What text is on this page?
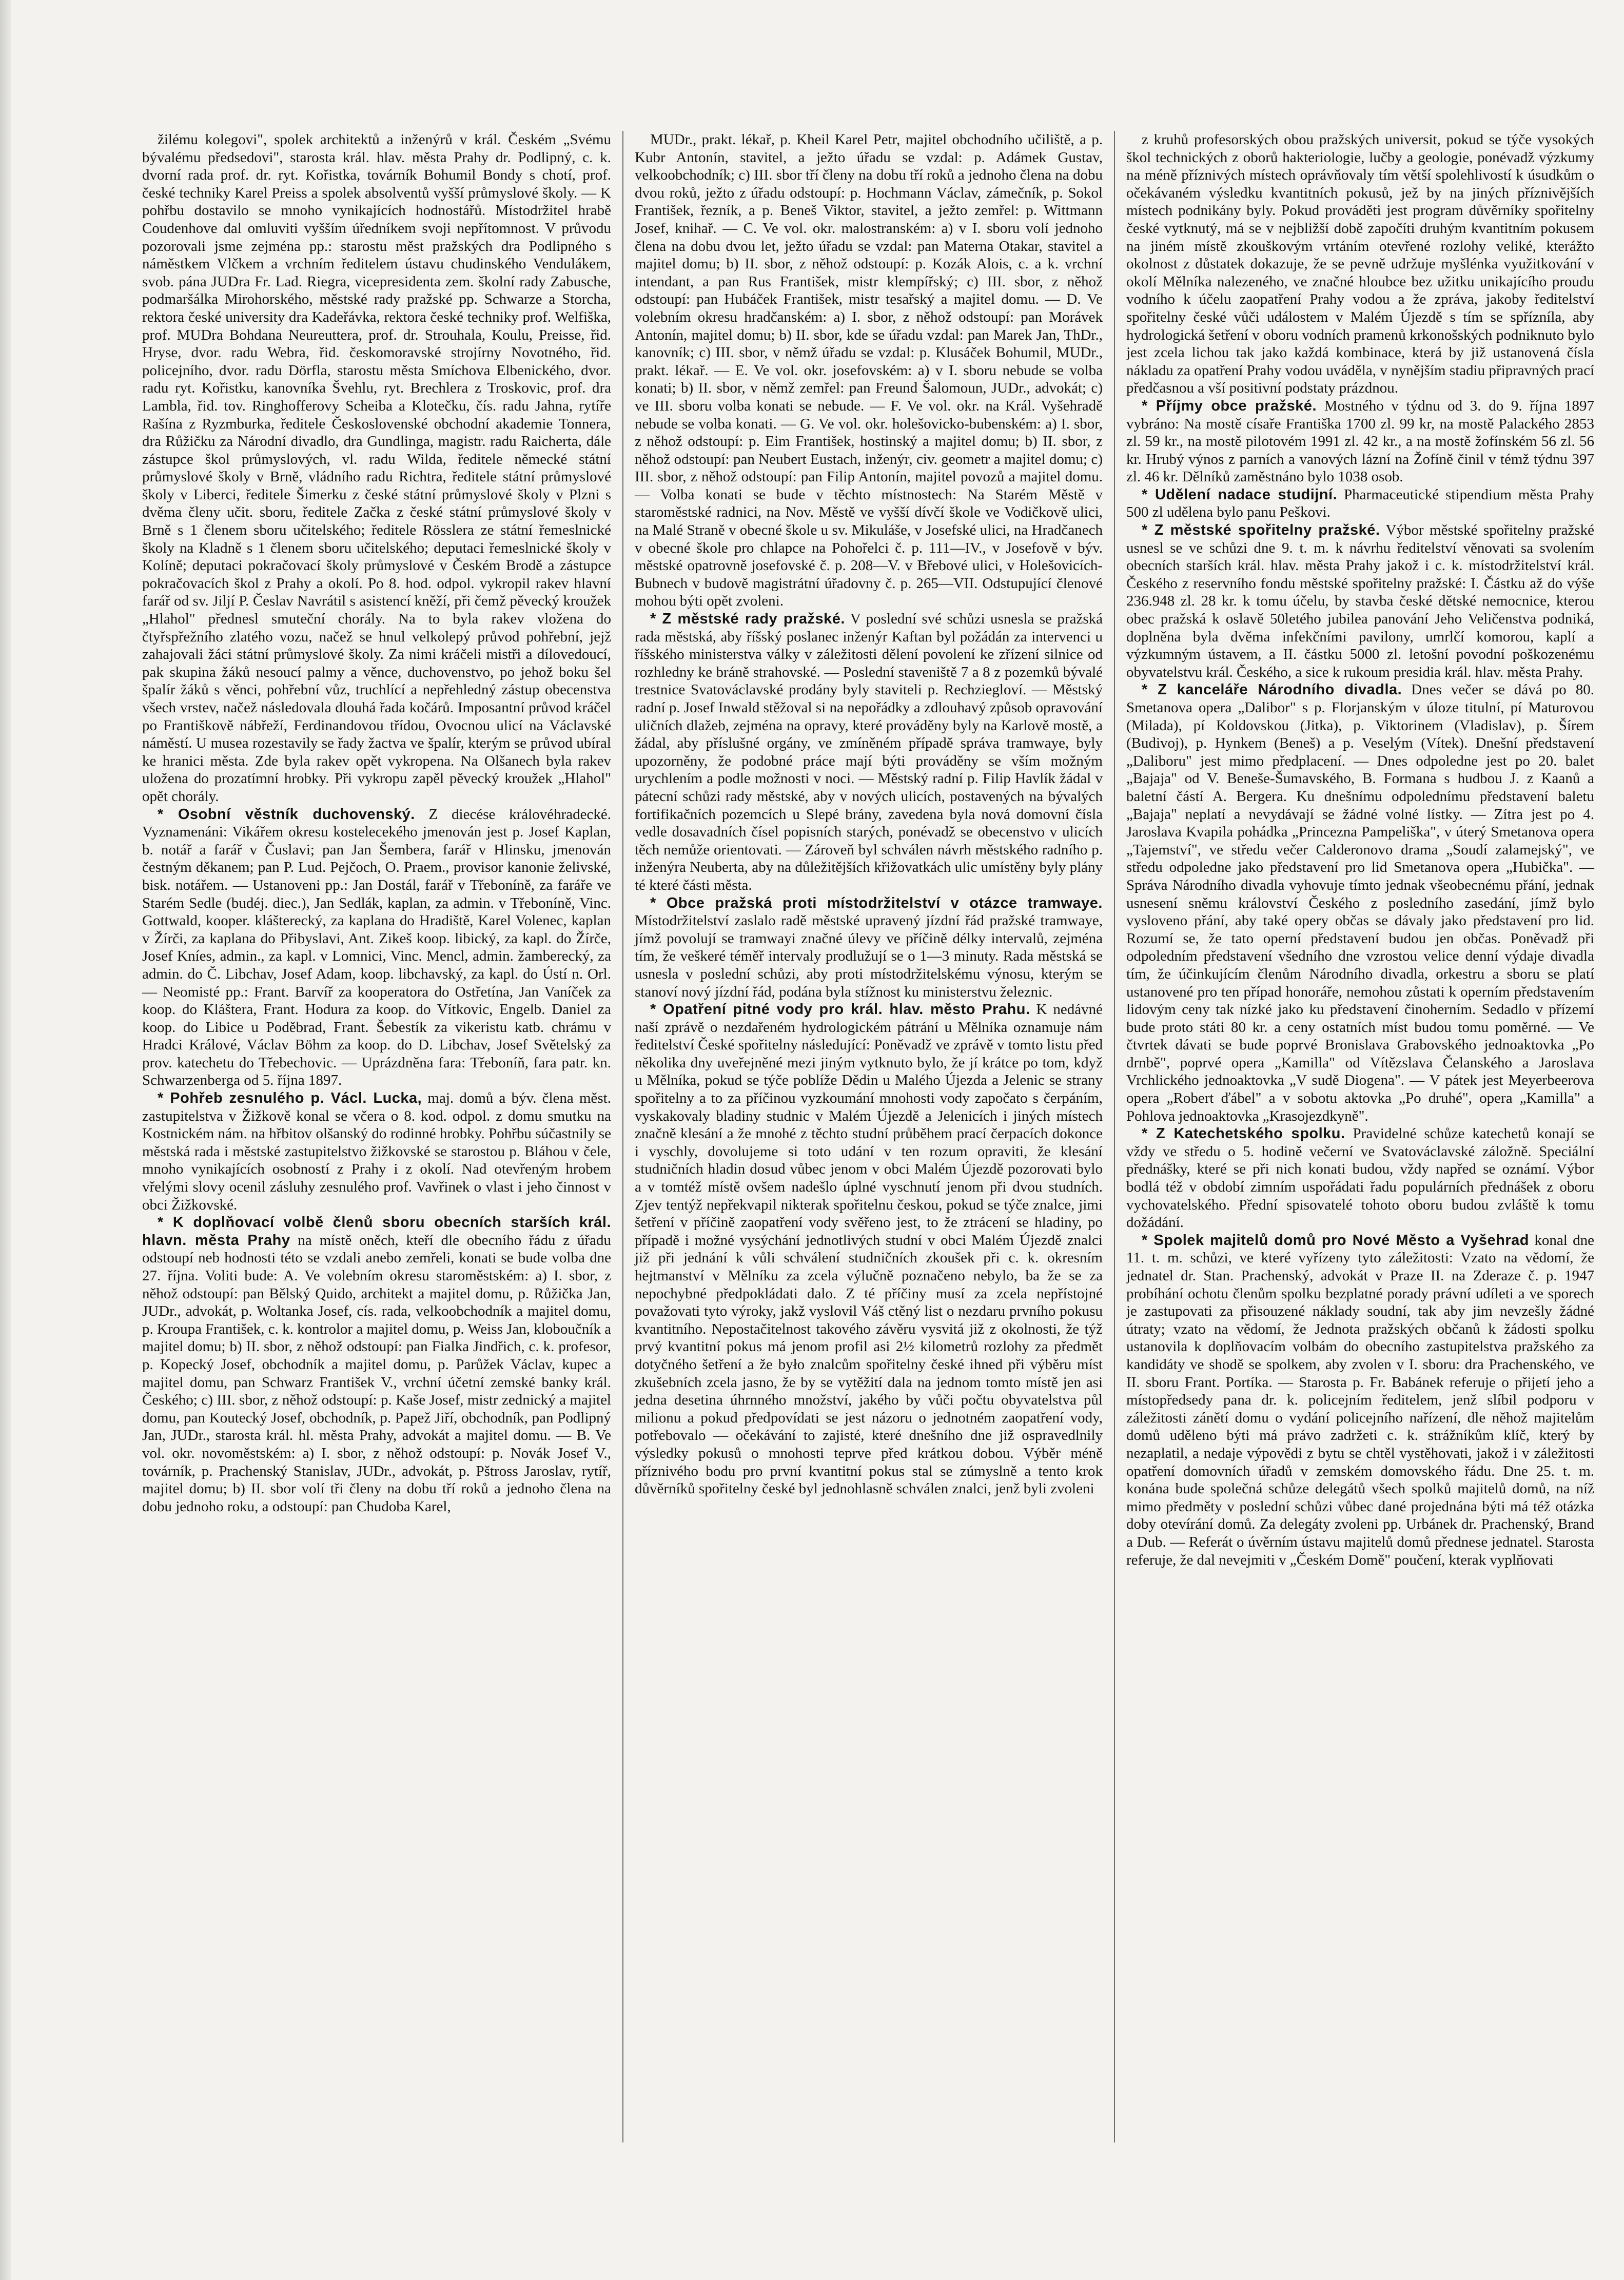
žilému kolegovi", spolek architektů a inženýrů v král. Českém „Svému bývalému předsedovi", starosta král. hlav. města Prahy dr. Podlipný, c. k. dvorní rada prof. dr. ryt. Kořistka, továrník Bohumil Bondy s chotí, prof. české techniky Karel Preiss a spolek absolventů vyšší průmyslové školy. — K pohřbu dostavilo se mnoho vynikajících hodnostářů. Místodržitel hrabě Coudenhove dal omluviti vyšším úředníkem svoji nepřítomnost. V průvodu pozorovali jsme zejména pp.: starostu měst pražských dra Podlipného s náměstkem Vlčkem a vrchním ředitelem ústavu chudinského Vendulákem, svob. pána JUDra Fr. Lad. Riegra, vicepresidenta zem. školní rady Zabusche, podmaršálka Mirohorského, městské rady pražské pp. Schwarze a Storcha, rektora české university dra Kadeřávka, rektora české techniky prof. Welfiška, prof. MUDra Bohdana Neureuttera, prof. dr. Strouhala, Koulu, Preisse, řid. Hryse, dvor. radu Webra, řid. českomoravské strojírny Novotného, řid. policejního, dvor. radu Dörfla, starostu města Smíchova Elbenického, dvor. radu ryt. Kořistku, kanovníka Švehlu, ryt. Brechlera z Troskovic, prof. dra Lambla, řid. tov. Ringhofferovy Scheiba a Klotečku, čís. radu Jahna, rytíře Rašína z Ryzmburka, ředitele Československé obchodní akademie Tonnera, dra Růžičku za Národní divadlo, dra Gundlinga, magistr. radu Raicherta, dále zástupce škol průmyslových, vl. radu Wilda, ředitele německé státní průmyslové školy v Brně, vládního radu Richtra, ředitele státní průmyslové školy v Liberci, ředitele Šimerku z české státní průmyslové školy v Plzni s dvěma členy učit. sboru, ředitele Začka z české státní průmyslové školy v Brně s 1 členem sboru učitelského; ředitele Rösslera ze státní řemeslnické školy na Kladně s 1 členem sboru učitelského; deputaci řemeslnické školy v Kolíně; deputaci pokračovací školy průmyslové v Českém Brodě a zástupce pokračovacích škol z Prahy a okolí. Po 8. hod. odpol. vykropil rakev hlavní farář od sv. Jiljí P. Česlav Navrátil s asistencí kněží, při čemž pěvecký kroužek „Hlahol" přednesl smuteční chorály. Na to byla rakev vložena do čtyřspřežního zlatého vozu, načež se hnul velkolepý průvod pohřební, jejž zahajovali žáci státní průmyslové školy. Za nimi kráčeli mistři a dílovedoucí, pak skupina žáků nesoucí palmy a věnce, duchovenstvo, po jehož boku šel špalír žáků s věnci, pohřební vůz, truchlící a nepřehledný zástup obecenstva všech vrstev, načež následovala dlouhá řada kočárů. Imposantní průvod kráčel po Františkově nábřeží, Ferdinandovou třídou, Ovocnou ulicí na Václavské náměstí. U musea rozestavily se řady žactva ve špalír, kterým se průvod ubíral ke hranici města. Zde byla rakev opět vykropena. Na Olšanech byla rakev uložena do prozatímní hrobky. Při vykropu zapěl pěvecký kroužek „Hlahol" opět chorály.

* Osobní věstník duchovenský. Z diecése královéhradecké. Vyznamenáni: Vikářem okresu kostelecekého jmenován jest p. Josef Kaplan, b. notář a farář v Čuslavi; pan Jan Šembera, farář v Hlinsku, jmenován čestným děkanem; pan P. Lud. Pejčoch, O. Praem., provisor kanonie želivské, bisk. notářem. — Ustanoveni pp.: Jan Dostál, farář v Třeboníně, za faráře ve Starém Sedle (budéj. diec.), Jan Sedlák, kaplan, za admin. v Třeboníně, Vinc. Gottwald, kooper. klášterecký, za kaplana do Hradiště, Karel Volenec, kaplan v Žírči, za kaplana do Přibyslavi, Ant. Zikeš koop. libický, za kapl. do Žírče, Josef Kníes, admin., za kapl. v Lomnici, Vinc. Mencl, admin. žamberecký, za admin. do Č. Libchav, Josef Adam, koop. libchavský, za kapl. do Ústí n. Orl. — Neomisté pp.: Frant. Barvíř za kooperatora do Ostřetína, Jan Vaníček za koop. do Kláštera, Frant. Hodura za koop. do Vítkovic, Engelb. Daniel za koop. do Libice u Poděbrad, Frant. Šebestík za vikeristu katb. chrámu v Hradci Králové, Václav Böhm za koop. do D. Libchav, Josef Světelský za prov. katechetu do Třebechovic. — Uprázdněna fara: Třeboníň, fara patr. kn. Schwarzenberga od 5. října 1897.

* Pohřeb zesnulého p. Václ. Lucka, maj. domů a býv. člena měst. zastupitelstva v Žižkově konal se včera o 8. kod. odpol. z domu smutku na Kostnickém nám. na hřbitov olšanský do rodinné hrobky. Pohřbu súčastnily se městská rada i městské zastupitelstvo žižkovské se starostou p. Bláhou v čele, mnoho vynikajících osobností z Prahy i z okolí. Nad otevřeným hrobem vřelými slovy ocenil zásluhy zesnulého prof. Vavřinek o vlast i jeho činnost v obci Žižkovské.

* K doplňovací volbě členů sboru obecních starších král. hlavn. města Prahy na místě oněch, kteří dle obecního řádu z úřadu odstoupí neb hodnosti této se vzdali anebo zemřeli, konati se bude volba dne 27. října. Voliti bude: A. Ve volebním okresu staroměstském: a) I. sbor, z něhož odstoupí: pan Bělský Quido, architekt a majitel domu, p. Růžička Jan, JUDr., advokát, p. Woltanka Josef, cís. rada, velkoobchodník a majitel domu, p. Kroupa František, c. k. kontrolor a majitel domu, p. Weiss Jan, kloboučník a majitel domu; b) II. sbor, z něhož odstoupí: pan Fialka Jindřich, c. k. profesor, p. Kopecký Josef, obchodník a majitel domu, p. Parůžek Václav, kupec a majitel domu, pan Schwarz František V., vrchní účetní zemské banky král. Českého; c) III. sbor, z něhož odstoupí: p. Kaše Josef, mistr zednický a majitel domu, pan Koutecký Josef, obchodník, p. Papež Jiří, obchodník, pan Podlipný Jan, JUDr., starosta král. hl. města Prahy, advokát a majitel domu. — B. Ve vol. okr. novoměstském: a) I. sbor, z něhož odstoupí: p. Novák Josef V., továrník, p. Prachenský Stanislav, JUDr., advokát, p. Pštross Jaroslav, rytíř, majitel domu; b) II. sbor volí tři členy na dobu tří roků a jednoho člena na dobu jednoho roku, a odstoupí: pan Chudoba Karel,

MUDr., prakt. lékař, p. Kheil Karel Petr, majitel obchodního učiliště, a p. Kubr Antonín, stavitel, a ježto úřadu se vzdal: p. Adámek Gustav, velkoobchodník; c) III. sbor tří členy na dobu tří roků a jednoho člena na dobu dvou roků, ježto z úřadu odstoupí: p. Hochmann Václav, zámečník, p. Sokol František, řezník, a p. Beneš Viktor, stavitel, a ježto zemřel: p. Wittmann Josef, knihař. — C. Ve vol. okr. malostranském: a) v I. sboru volí jednoho člena na dobu dvou let, ježto úřadu se vzdal: pan Materna Otakar, stavitel a majitel domu; b) II. sbor, z něhož odstoupí: p. Kozák Alois, c. a k. vrchní intendant, a pan Rus František, mistr klempířský; c) III. sbor, z něhož odstoupí: pan Hubáček František, mistr tesařský a majitel domu. — D. Ve volebním okresu hradčanském: a) I. sbor, z něhož odstoupí: pan Morávek Antonín, majitel domu; b) II. sbor, kde se úřadu vzdal: pan Marek Jan, ThDr., kanovník; c) III. sbor, v němž úřadu se vzdal: p. Klusáček Bohumil, MUDr., prakt. lékař. — E. Ve vol. okr. josefovském: a) v I. sboru nebude se volba konati; b) II. sbor, v němž zemřel: pan Freund Šalomoun, JUDr., advokát; c) ve III. sboru volba konati se nebude. — F. Ve vol. okr. na Král. Vyšehradě nebude se volba konati. — G. Ve vol. okr. holešovicko-bubenském: a) I. sbor, z něhož odstoupí: p. Eim František, hostinský a majitel domu; b) II. sbor, z něhož odstoupí: pan Neubert Eustach, inženýr, civ. geometr a majitel domu; c) III. sbor, z něhož odstoupí: pan Filip Antonín, majitel povozů a majitel domu. — Volba konati se bude v těchto místnostech: Na Starém Městě v staroměstské radnici, na Nov. Městě ve vyšší dívčí škole ve Vodičkově ulici, na Malé Straně v obecné škole u sv. Mikuláše, v Josefské ulici, na Hradčanech v obecné škole pro chlapce na Pohořelci č. p. 111—IV., v Josefově v býv. městské opatrovně josefovské č. p. 208—V. v Břebové ulici, v Holešovicích-Bubnech v budově magistrátní úřadovny č. p. 265—VII. Odstupující členové mohou býti opět zvoleni.

* Z městské rady pražské. V poslední své schůzi usnesla se pražská rada městská, aby říšský poslanec inženýr Kaftan byl požádán za intervenci u říšského ministerstva války v záležitosti dělení povolení ke zřízení silnice od rozhledny ke bráně strahovské. — Poslední staveniště 7 a 8 z pozemků bývalé trestnice Svatováclavské prodány byly staviteli p. Rechziegloví. — Městský radní p. Josef Inwald stěžoval si na nepořádky a zdlouhavý způsob opravování uličních dlažeb, zejména na opravy, které prováděny byly na Karlově mostě, a žádal, aby příslušné orgány, ve zmíněném případě správa tramwaye, byly upozorněny, že podobné práce mají býti prováděny se vším možným urychlením a podle možnosti v noci. — Městský radní p. Filip Havlík žádal v pátecní schůzi rady městské, aby v nových ulicích, postavených na bývalých fortifikačních pozemcích u Slepé brány, zavedena byla nová domovní čísla vedle dosavadních čísel popisních starých, ponévadž se obecenstvo v ulicích těch nemůže orientovati. — Zároveň byl schválen návrh městského radního p. inženýra Neuberta, aby na důležitějších křižovatkách ulic umístěny byly plány té které části města.

* Obce pražská proti místodržitelství v otázce tramwaye. Místodržitelství zaslalo radě městské upravený jízdní řád pražské tramwaye, jímž povolují se tramwayi značné úlevy ve příčině délky intervalů, zejména tím, že veškeré téměř intervaly prodlužují se o 1—3 minuty. Rada městská se usnesla v poslední schůzi, aby proti místodržitelskému výnosu, kterým se stanoví nový jízdní řád, podána byla stížnost ku ministerstvu železnic.

* Opatření pitné vody pro král. hlav. město Prahu. K nedávné naší zprávě o nezdařeném hydrologickém pátrání u Mělníka oznamuje nám ředitelství České spořitelny následující: Poněvadž ve zprávě v tomto listu před několika dny uveřejněné mezi jiným vytknuto bylo, že jí krátce po tom, když u Mělníka, pokud se týče poblíže Dědin u Malého Újezda a Jelenic se strany spořitelny a to za příčinou vyzkoumání mnohosti vody započato s čerpáním, vyskakovaly bladiny studnic v Malém Újezdě a Jelenicích i jiných místech značně klesání a že mnohé z těchto studní průběhem prací čerpacích dokonce i vyschly, dovolujeme si toto udání v ten rozum opraviti, že klesání studničních hladin dosud vůbec jenom v obci Malém Újezdě pozorovati bylo a v tomtéž místě ovšem nadešlo úplné vyschnutí jenom při dvou studních. Zjev tentýž nepřekvapil nikterak spořitelnu českou, pokud se týče znalce, jimi šetření v příčině zaopatření vody svěřeno jest, to že ztrácení se hladiny, po případě i možné vysýchání jednotlivých studní v obci Malém Újezdě znalci již při jednání k vůli schválení studničních zkoušek při c. k. okresním hejtmanství v Mělníku za zcela výlučně poznačeno nebylo, ba že se za nepochybné předpokládati dalo. Z té příčiny musí za zcela nepřístojné považovati tyto výroky, jakž vyslovil Váš ctěný list o nezdaru prvního pokusu kvantitního. Nepostačitelnost takového závěru vysvitá již z okolnosti, že týž prvý kvantitní pokus má jenom profil asi 2½ kilometrů rozlohy za předmět dotyčného šetření a že było znalcům spořitelny české ihned při výběru míst zkušebních zcela jasno, že by se vytěžití dala na jednom tomto místě jen asi jedna desetina úhrnného množství, jakého by vůči počtu obyvatelstva půl milionu a pokud předpovídati se jest názoru o jednotném zaopatření vody, potřebovalo — očekávání to zajisté, které dnešního dne již ospravedlnily výsledky pokusů o mnohosti teprve před krátkou dobou. Výběr méně příznivého bodu pro první kvantitní pokus stal se zúmyslně a tento krok důvěrníků spořitelny české byl jednohlasně schválen znalci, jenž byli zvoleni

z kruhů profesorských obou pražských universit, pokud se týče vysokých škol technických z oborů hakteriologie, lučby a geologie, ponévadž výzkumy na méně příznivých místech oprávňovaly tím větší spolehlivostí k úsudkům o očekávaném výsledku kvantitních pokusů, jež by na jiných příznivějších místech podnikány byly. Pokud prováděti jest program důvěrníky spořitelny české vytknutý, má se v nejbližší době započíti druhým kvantitním pokusem na jiném místě zkouškovým vrtáním otevřené rozlohy veliké, kterážto okolnost z důstatek dokazuje, že se pevně udržuje myšlénka využitkování v okolí Mělníka nalezeného, ve značné hloubce bez užitku unikajícího proudu vodního k účelu zaopatření Prahy vodou a že zpráva, jakoby ředitelství spořitelny české vůči událostem v Malém Újezdě s tím se spřízníla, aby hydrologická šetření v oboru vodních pramenů krkonošských podniknuto bylo jest zcela lichou tak jako každá kombinace, která by již ustanovená čísla nákladu za opatření Prahy vodou uváděla, v nynějším stadiu připravných prací předčasnou a vší positivní podstaty prázdnou.

* Příjmy obce pražské. Mostného v týdnu od 3. do 9. října 1897 vybráno: Na mostě císaře Františka 1700 zl. 99 kr, na mostě Palackého 2853 zl. 59 kr., na mostě pilotovém 1991 zl. 42 kr., a na mostě žofínském 56 zl. 56 kr. Hrubý výnos z parních a vanových lázní na Žofíně činil v témž týdnu 397 zl. 46 kr. Dělníků zaměstnáno bylo 1038 osob.

* Udělení nadace studijní. Pharmaceutické stipendium města Prahy 500 zl udělena bylo panu Peškovi.

* Z městské spořitelny pražské. Výbor městské spořitelny pražské usnesl se ve schůzi dne 9. t. m. k návrhu ředitelství věnovati sa svolením obecních starších král. hlav. města Prahy jakož i c. k. místodržitelství král. Českého z reservního fondu městské spořitelny pražské: I. Částku až do výše 236.948 zl. 28 kr. k tomu účelu, by stavba české dětské nemocnice, kterou obec pražská k oslavě 50letého jubilea panování Jeho Veličenstva podniká, doplněna byla dvěma infekčními pavilony, umrlčí komorou, kaplí a výzkumným ústavem, a II. částku 5000 zl. letošní povodní poškozenému obyvatelstvu král. Českého, a sice k rukoum presidia král. hlav. města Prahy.

* Z kanceláře Národního divadla. Dnes večer se dává po 80. Smetanova opera „Dalibor" s p. Florjanským v úloze titulní, pí Maturovou (Milada), pí Koldovskou (Jitka), p. Viktorinem (Vladislav), p. Šírem (Budivoj), p. Hynkem (Beneš) a p. Veselým (Vítek). Dnešní představení „Daliboru" jest mimo předplacení. — Dnes odpoledne jest po 20. balet „Bajaja" od V. Beneše-Šumavského, B. Formana s hudbou J. z Kaanů a baletní částí A. Bergera. Ku dnešnímu odpolednímu představení baletu „Bajaja" neplatí a nevydávají se žádné volné lístky. — Zítra jest po 4. Jaroslava Kvapila pohádka „Princezna Pampeliška", v úterý Smetanova opera „Tajemství", ve středu večer Calderonovo drama „Soudí zalamejský", ve středu odpoledne jako představení pro lid Smetanova opera „Hubička". — Správa Národního divadla vyhovuje tímto jednak všeobecnému přání, jednak usnesení sněmu království Českého z posledního zasedání, jímž bylo vysloveno přání, aby také opery občas se dávaly jako představení pro lid. Rozumí se, že tato operní představení budou jen občas. Poněvadž při odpoledním představení všedního dne vzrostou velice denní výdaje divadla tím, že účinkujícím členům Národního divadla, orkestru a sboru se platí ustanovené pro ten případ honoráře, nemohou zůstati k operním představením lidovým ceny tak nízké jako ku představení činoherním. Sedadlo v přízemí bude proto státi 80 kr. a ceny ostatních míst budou tomu poměrné. — Ve čtvrtek dávati se bude poprvé Bronislava Grabovského jednoaktovka „Po drnbě", poprvé opera „Kamilla" od Vítězslava Čelanského a Jaroslava Vrchlického jednoaktovka „V sudě Diogena". — V pátek jest Meyerbeerova opera „Robert ďábel" a v sobotu aktovka „Po druhé", opera „Kamilla" a Pohlova jednoaktovka „Krasojezdkyně".

* Z Katechetského spolku. Pravidelné schůze katechetů konají se vždy ve středu o 5. hodině večerní ve Svatováclavské záložně. Speciální přednášky, které se při nich konati budou, vždy napřed se oznámí. Výbor bodlá též v období zimním uspořádati řadu populárních přednášek z oboru vychovatelského. Přední spisovatelé tohoto oboru budou zvláště k tomu dožádání.

* Spolek majitelů domů pro Nové Město a Vyšehrad konal dne 11. t. m. schůzi, ve které vyřízeny tyto záležitosti: Vzato na vědomí, že jednatel dr. Stan. Prachenský, advokát v Praze II. na Zderaze č. p. 1947 probíhání ochotu členům spolku bezplatné porady právní udíleti a ve sporech je zastupovati za přisouzené náklady soudní, tak aby jim nevzešly žádné útraty; vzato na vědomí, že Jednota pražských občanů k žádosti spolku ustanovila k doplňovacím volbám do obecního zastupitelstva pražského za kandidáty ve shodě se spolkem, aby zvolen v I. sboru: dra Prachenského, ve II. sboru Frant. Portíka. — Starosta p. Fr. Babánek referuje o přijetí jeho a místopředsedy pana dr. k. policejním ředitelem, jenž slíbil podporu v záležitosti zánětí domu o vydání policejního nařízení, dle něhož majitelům domů uděleno býti má právo zadržeti c. k. strážníkům klíč, který by nezaplatil, a nedaje výpovědi z bytu se chtěl vystěhovati, jakož i v záležitosti opatření domovních úřadů v zemském domovského řádu. Dne 25. t. m. konána bude společná schůze delegátů všech spolků majitelů domů, na níž mimo předměty v poslední schůzi vůbec dané projednána býti má též otázka doby otevírání domů. Za delegáty zvoleni pp. Urbánek dr. Prachenský, Brand a Dub. — Referát o úvěrním ústavu majitelů domů přednese jednatel. Starosta referuje, že dal nevejmiti v „Českém Domě" poučení, kterak vyplňovati
